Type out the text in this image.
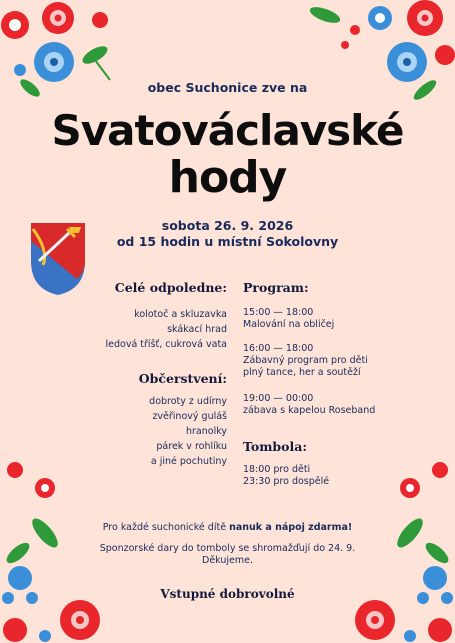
obec Suchonice zve na
Svatováclavské
hody
sobota 26. 9. 2026
od 15 hodin u místní Sokolovny
Celé odpoledne:
kolotoč a skluzavka
skákací hrad
ledová tříšť, cukrová vata
Občerstvení:
dobroty z udírny
zvěřinový guláš
hranolky
párek v rohlíku
a jiné pochutiny
Program:
15:00 — 18:00
Malování na obličej
16:00 — 18:00
Zábavný program pro děti
plný tance, her a soutěží
19:00 — 00:00
zábava s kapelou Roseband
Tombola:
18:00 pro děti
23:30 pro dospělé
Pro každé suchonické dítě nanuk a nápoj zdarma!
Sponzorské dary do tomboly se shromažďují do 24. 9.
Děkujeme.
Vstupné dobrovolné
